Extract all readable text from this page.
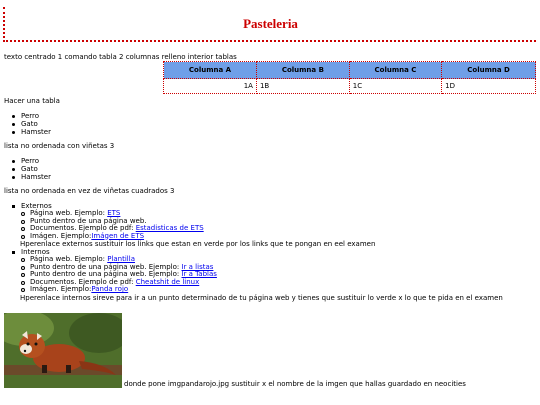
Pasteleria
texto centrado 1 comando tabla 2 columnas relleno interior tablas
Columna A	Columna B	Columna C	Columna D
1A	1B	1C	1D
Hacer una tabla
Perro
Gato
Hamster
lista no ordenada con viñetas 3
Perro
Gato
Hamster
lista no ordenada en vez de viñetas cuadrados 3
Externos
Página web. Ejemplo: ETS
Punto dentro de una página web.
Documentos. Ejemplo de pdf: Estadisticas de ETS
Imágen. Ejemplo:Imágen de ETS
Hperenlace externos sustituir los links que estan en verde por los links que te pongan en eel examen
Internos
Página web. Ejemplo: Plantilla
Punto dentro de una página web. Ejemplo: Ir a listas
Punto dentro de una página web. Ejemplo: Ir a Tablas
Documentos. Ejemplo de pdf: Cheatshit de linux
Imágen. Ejemplo:Panda rojo
Hperenlace internos sireve para ir a un punto determinado de tu página web y tienes que sustituir lo verde x lo que te pida en el examen
donde pone imgpandarojo.jpg sustituir x el nombre de la imgen que hallas guardado en neocities
